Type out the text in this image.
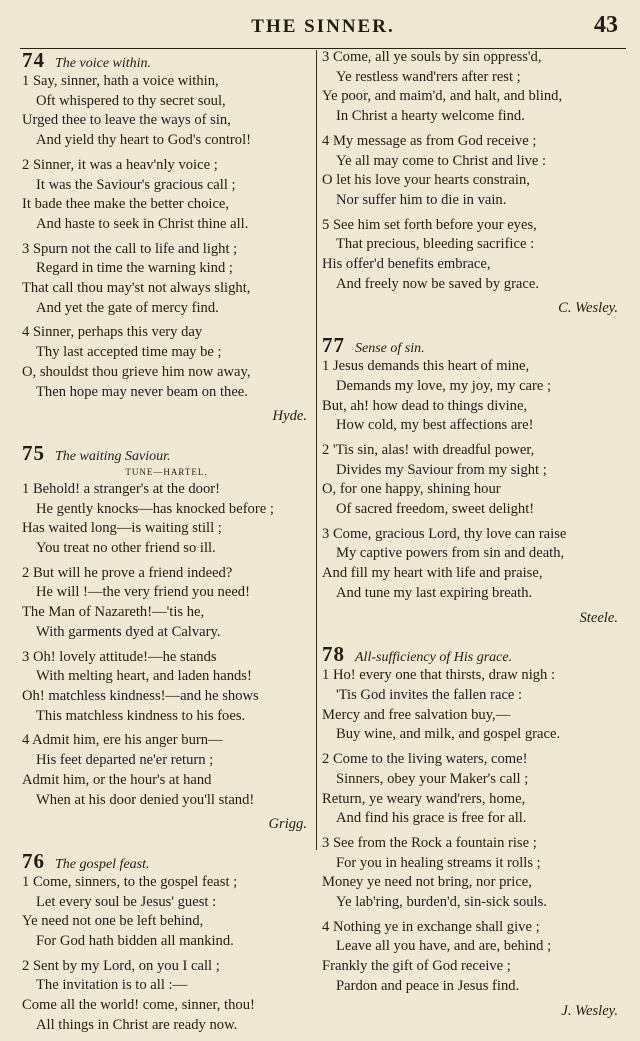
THE SINNER.	43
74 The voice within.
1 Say, sinner, hath a voice within,
Oft whispered to thy secret soul,
Urged thee to leave the ways of sin,
And yield thy heart to God's control!
2 Sinner, it was a heav'nly voice ;
It was the Saviour's gracious call ;
It bade thee make the better choice,
And haste to seek in Christ thine all.
3 Spurn not the call to life and light ;
Regard in time the warning kind ;
That call thou may'st not always slight,
And yet the gate of mercy find.
4 Sinner, perhaps this very day
Thy last accepted time may be ;
O, shouldst thou grieve him now away,
Then hope may never beam on thee.
Hyde.
75 The waiting Saviour.
TUNE—HARTEL.
1 Behold! a stranger's at the door!
He gently knocks—has knocked before ;
Has waited long—is waiting still ;
You treat no other friend so ill.
2 But will he prove a friend indeed?
He will !—the very friend you need!
The Man of Nazareth!—'tis he,
With garments dyed at Calvary.
3 Oh! lovely attitude!—he stands
With melting heart, and laden hands!
Oh! matchless kindness!—and he shows
This matchless kindness to his foes.
4 Admit him, ere his anger burn—
His feet departed ne'er return ;
Admit him, or the hour's at hand
When at his door denied you'll stand!
Grigg.
76 The gospel feast.
1 Come, sinners, to the gospel feast ;
Let every soul be Jesus' guest :
Ye need not one be left behind,
For God hath bidden all mankind.
2 Sent by my Lord, on you I call ;
The invitation is to all :—
Come all the world! come, sinner, thou!
All things in Christ are ready now.
3 Come, all ye souls by sin oppress'd,
Ye restless wand'rers after rest ;
Ye poor, and maim'd, and halt, and blind,
In Christ a hearty welcome find.
4 My message as from God receive ;
Ye all may come to Christ and live :
O let his love your hearts constrain,
Nor suffer him to die in vain.
5 See him set forth before your eyes,
That precious, bleeding sacrifice :
His offer'd benefits embrace,
And freely now be saved by grace.
C. Wesley.
77 Sense of sin.
1 Jesus demands this heart of mine,
Demands my love, my joy, my care ;
But, ah! how dead to things divine,
How cold, my best affections are!
2 'Tis sin, alas! with dreadful power,
Divides my Saviour from my sight ;
O, for one happy, shining hour
Of sacred freedom, sweet delight!
3 Come, gracious Lord, thy love can raise
My captive powers from sin and death,
And fill my heart with life and praise,
And tune my last expiring breath.
Steele.
78 All-sufficiency of His grace.
1 Ho! every one that thirsts, draw nigh :
'Tis God invites the fallen race :
Mercy and free salvation buy,—
Buy wine, and milk, and gospel grace.
2 Come to the living waters, come!
Sinners, obey your Maker's call ;
Return, ye weary wand'rers, home,
And find his grace is free for all.
3 See from the Rock a fountain rise ;
For you in healing streams it rolls ;
Money ye need not bring, nor price,
Ye lab'ring, burden'd, sin-sick souls.
4 Nothing ye in exchange shall give ;
Leave all you have, and are, behind ;
Frankly the gift of God receive ;
Pardon and peace in Jesus find.
J. Wesley.
